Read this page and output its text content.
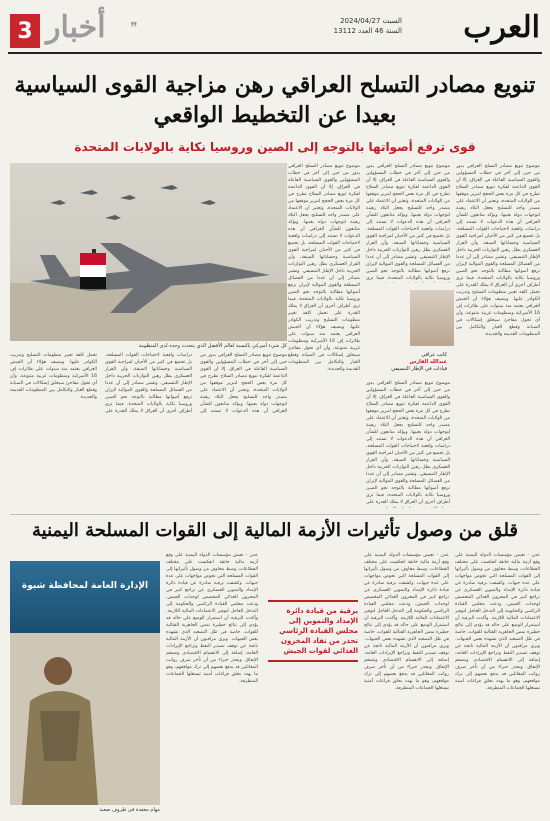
العرب
السبت 2024/04/27
السنة 46 العدد 13112
❞
أخبار
3
تنويع مصادر التسلح العراقي رهن مزاجية القوى السياسية
بعيدا عن التخطيط الواقعي
قوى ترفع أصواتها بالتوجه إلى الصين وروسيا نكاية بالولايات المتحدة
موضوع تنويع مصادر التسلح العراقي يدور من حين إلى آخر في خطاب المسؤولين والقوى السياسية الفاعلة في العراق، إلا أن القوى الداعمة لفكرة تنويع مصادر السلاح تطرح في كل مرة بعض الحجج لتبرير موقفها من الولايات المتحدة، وتعتبر أن الاعتماد على مصدر واحد للتسليح يجعل البلاد رهينة لتوجهات دولة بعينها. ويؤكد متابعون للشأن العراقي أن هذه الدعوات لا تستند إلى دراسات واقعية لاحتياجات القوات المسلحة، بل تخضع في كثير من الأحيان لمزاجية القوى السياسية وحساباتها الضيقة، وأن القرار العسكري يظل رهين التوازنات الحزبية داخل الإطار التنسيقي. وتشير مصادر إلى أن عددا من الفصائل المسلحة والقوى الموالية لإيران ترفع أصواتها مطالبة بالتوجه نحو الصين وروسيا نكاية بالولايات المتحدة، فيما ترى أطراف أخرى أن العراق لا يملك القدرة على تحمل كلفة تغيير منظومات التسليح وتدريب الكوادر عليها. ويضيف هؤلاء أن الجيش العراقي يعتمد منذ سنوات على طائرات إف 16 الأميركية ومنظومات غربية متنوعة، وأن أي تحول مفاجئ سيخلق إشكالات في الصيانة وقطع الغيار والتكامل بين المنظومات القديمة والجديدة.
موضوع تنويع مصادر التسلح العراقي يدور من حين إلى آخر في خطاب المسؤولين والقوى السياسية الفاعلة في العراق، إلا أن القوى الداعمة لفكرة تنويع مصادر السلاح تطرح في كل مرة بعض الحجج لتبرير موقفها من الولايات المتحدة، وتعتبر أن الاعتماد على مصدر واحد للتسليح يجعل البلاد رهينة لتوجهات دولة بعينها. ويؤكد متابعون للشأن العراقي أن هذه الدعوات لا تستند إلى دراسات واقعية لاحتياجات القوات المسلحة، بل تخضع في كثير من الأحيان لمزاجية القوى السياسية وحساباتها الضيقة، وأن القرار العسكري يظل رهين التوازنات الحزبية داخل الإطار التنسيقي. وتشير مصادر إلى أن عددا من الفصائل المسلحة والقوى الموالية لإيران ترفع أصواتها مطالبة بالتوجه نحو الصين وروسيا نكاية بالولايات المتحدة، فيما ترى
موضوع تنويع مصادر التسلح العراقي يدور من حين إلى آخر في خطاب المسؤولين والقوى السياسية الفاعلة في العراق، إلا أن القوى الداعمة لفكرة تنويع مصادر السلاح تطرح في كل مرة بعض الحجج لتبرير موقفها من الولايات المتحدة، وتعتبر أن الاعتماد على مصدر واحد للتسليح يجعل البلاد رهينة لتوجهات دولة بعينها. ويؤكد متابعون للشأن العراقي أن هذه الدعوات لا تستند إلى دراسات واقعية لاحتياجات القوات المسلحة، بل تخضع في كثير من الأحيان لمزاجية القوى السياسية وحساباتها الضيقة، وأن القرار العسكري يظل رهين التوازنات الحزبية داخل الإطار التنسيقي. وتشير مصادر إلى أن عددا من الفصائل المسلحة والقوى الموالية لإيران ترفع أصواتها مطالبة بالتوجه نحو الصين وروسيا نكاية بالولايات المتحدة، فيما ترى أطراف أخرى أن العراق لا يملك القدرة على
موضوع تنويع مصادر التسلح العراقي يدور من حين إلى آخر في خطاب المسؤولين والقوى السياسية الفاعلة في العراق، إلا أن القوى الداعمة لفكرة تنويع مصادر السلاح تطرح في كل مرة بعض الحجج لتبرير موقفها من الولايات المتحدة، وتعتبر أن الاعتماد على مصدر واحد للتسليح يجعل البلاد رهينة لتوجهات دولة بعينها. ويؤكد متابعون للشأن العراقي أن هذه الدعوات لا تستند إلى دراسات واقعية لاحتياجات القوات المسلحة، بل تخضع في كثير من الأحيان لمزاجية القوى السياسية وحساباتها الضيقة، وأن القرار العسكري يظل رهين التوازنات الحزبية داخل الإطار التنسيقي. وتشير مصادر إلى أن عددا من الفصائل المسلحة والقوى الموالية لإيران ترفع أصواتها مطالبة بالتوجه نحو الصين وروسيا نكاية بالولايات المتحدة، فيما ترى أطراف أخرى أن العراق لا يملك القدرة على تحمل كلفة تغيير منظومات التسليح وتدريب الكوادر عليها. ويضيف هؤلاء أن الجيش العراقي يعتمد منذ سنوات على طائرات إف 16 الأميركية ومنظومات غربية متنوعة، وأن أي تحول مفاجئ سيخلق إشكالات في الصيانة وقطع الغيار والتكامل بين المنظومات القديمة والجديدة.
موضوع تنويع مصادر التسلح العراقي يدور من حين إلى آخر في خطاب المسؤولين والقوى السياسية الفاعلة في العراق، إلا أن القوى الداعمة لفكرة تنويع مصادر السلاح تطرح في كل مرة بعض الحجج لتبرير موقفها من الولايات المتحدة، وتعتبر أن الاعتماد على مصدر واحد للتسليح يجعل البلاد رهينة لتوجهات دولة بعينها. ويؤكد متابعون للشأن العراقي أن هذه الدعوات لا تستند إلى دراسات واقعية لاحتياجات القوات المسلحة، بل تخضع في كثير من الأحيان لمزاجية القوى السياسية وحساباتها الضيقة، وأن القرار العسكري يظل رهين التوازنات الحزبية داخل الإطار التنسيقي. وتشير مصادر إلى أن عددا من الفصائل المسلحة والقوى الموالية لإيران ترفع أصواتها مطالبة بالتوجه نحو الصين وروسيا نكاية بالولايات المتحدة، فيما ترى أطراف أخرى أن العراق لا يملك القدرة على تحمل كلفة تغيير منظومات التسليح وتدريب الكوادر عليها. ويضيف هؤلاء أن الجيش العراقي يعتمد منذ سنوات على طائرات إف 16 الأميركية ومنظومات غربية متنوعة، وأن أي تحول مفاجئ سيخلق إشكالات في الصيانة وقطع الغيار والتكامل بين المنظومات القديمة والجديدة.
كل شيء أميركي بالنسبة لعالم الأفضل الذي يتحدث وحده لدى المنظومة
كاتب عراقي
عبدالله الفارس
قيادات في الإطار التنسيقي
قلق من وصول تأثيرات الأزمة المالية إلى القوات المسلحة اليمنية
عدن - تعيش مؤسسات الدولة اليمنية على وقع أزمة مالية خانقة انعكست على مختلف القطاعات، وسط مخاوف من وصول تأثيراتها إلى القوات المسلحة التي تخوض مواجهات على عدة جبهات. وكشفت برقية صادرة عن قيادة دائرة الإمداد والتموين العسكري عن تراجع كبير في المخزون الغذائي المخصص لوحدات الجيش، ودعت مجلس القيادة الرئاسي والحكومة إلى التدخل العاجل لتوفير الاعتمادات المالية اللازمة. وأكدت البرقية أن استمرار الوضع على حاله قد يؤدي إلى نتائج خطيرة تمس الجاهزية القتالية للقوات، خاصة في ظل التصعيد الذي تشهده بعض الجبهات. ويرى مراقبون أن الأزمة المالية ناتجة عن توقف تصدير النفط وتراجع الإيرادات العامة، إضافة إلى الانقسام الاقتصادي وتضخم الإنفاق. ويحذر خبراء من أن تأخر صرف رواتب المقاتلين قد يدفع بعضهم إلى ترك مواقعهم، وهو ما يهدد بخلق فراغات أمنية تستغلها الجماعات المتطرفة.
عدن - تعيش مؤسسات الدولة اليمنية على وقع أزمة مالية خانقة انعكست على مختلف القطاعات، وسط مخاوف من وصول تأثيراتها إلى القوات المسلحة التي تخوض مواجهات على عدة جبهات. وكشفت برقية صادرة عن قيادة دائرة الإمداد والتموين العسكري عن تراجع كبير في المخزون الغذائي المخصص لوحدات الجيش، ودعت مجلس القيادة الرئاسي والحكومة إلى التدخل العاجل لتوفير الاعتمادات المالية اللازمة. وأكدت البرقية أن استمرار الوضع على حاله قد يؤدي إلى نتائج خطيرة تمس الجاهزية القتالية للقوات، خاصة في ظل التصعيد الذي تشهده بعض الجبهات. ويرى مراقبون أن الأزمة المالية ناتجة عن توقف تصدير النفط وتراجع الإيرادات العامة، إضافة إلى الانقسام الاقتصادي وتضخم الإنفاق. ويحذر خبراء من أن تأخر صرف رواتب المقاتلين قد يدفع بعضهم إلى ترك مواقعهم، وهو ما يهدد بخلق فراغات أمنية تستغلها الجماعات المتطرفة.
عدن - تعيش مؤسسات الدولة اليمنية على وقع أزمة مالية خانقة انعكست على مختلف القطاعات، وسط مخاوف من وصول تأثيراتها إلى القوات المسلحة التي تخوض مواجهات على عدة جبهات. وكشفت برقية صادرة عن قيادة دائرة الإمداد والتموين العسكري عن تراجع كبير في المخزون الغذائي المخصص لوحدات الجيش، ودعت مجلس القيادة الرئاسي والحكومة إلى التدخل العاجل لتوفير الاعتمادات المالية اللازمة. وأكدت البرقية أن استمرار الوضع على حاله قد يؤدي إلى نتائج خطيرة تمس الجاهزية القتالية للقوات، خاصة في ظل التصعيد الذي تشهده بعض الجبهات. ويرى مراقبون أن الأزمة المالية ناتجة عن توقف تصدير النفط وتراجع الإيرادات العامة، إضافة إلى الانقسام الاقتصادي وتضخم الإنفاق. ويحذر خبراء من أن تأخر صرف رواتب المقاتلين قد يدفع بعضهم إلى ترك مواقعهم، وهو ما يهدد بخلق فراغات أمنية تستغلها الجماعات المتطرفة.
برقية من قيادة دائرة الإمداد والتموين إلى مجلس القيادة الرئاسي تحذر من نفاد المخزون الغذائي لقوات الجيش
الإدارة العامة لمحافظة شبوة
مهام معقدة في ظروف صعبة
